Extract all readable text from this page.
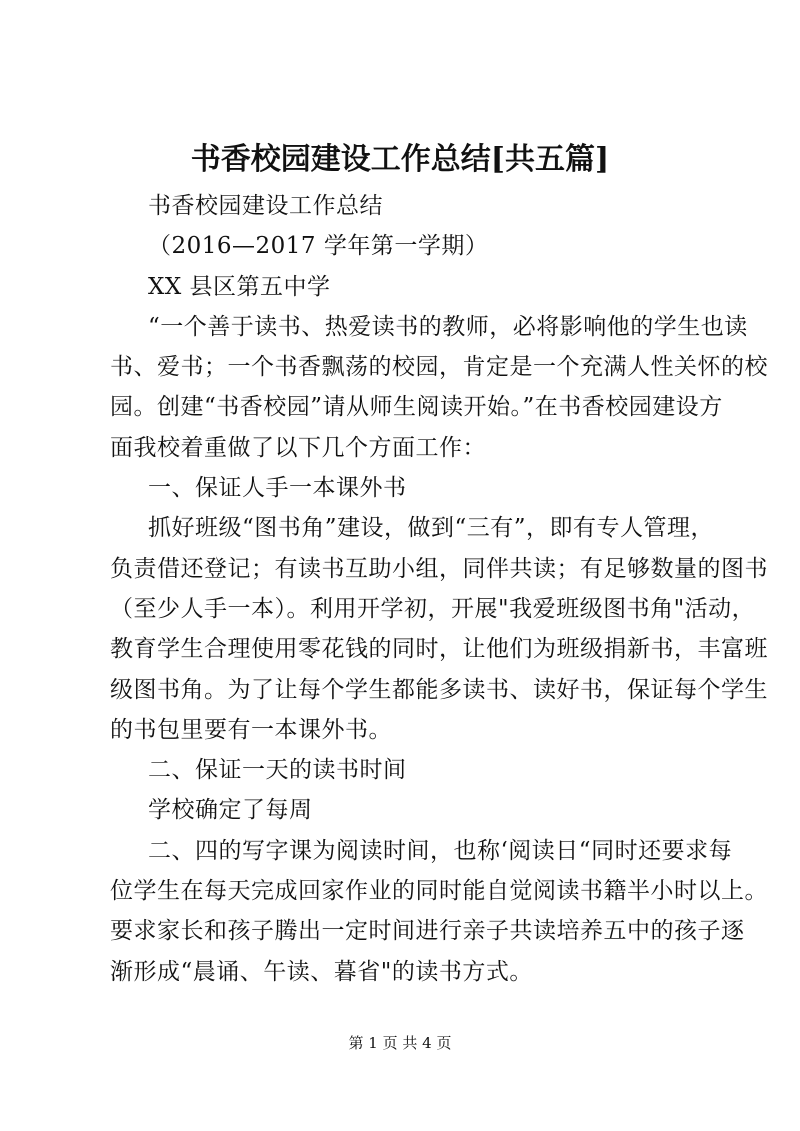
书香校园建设工作总结[共五篇]

书香校园建设工作总结

（2016—2017 学年第一学期）

XX 县区第五中学

“一个善于读书、热爱读书的教师，必将影响他的学生也读

书、爱书；一个书香飘荡的校园，肯定是一个充满人性关怀的校

园。创建“书香校园”请从师生阅读开始。”在书香校园建设方

面我校着重做了以下几个方面工作：

一、保证人手一本课外书

抓好班级“图书角”建设，做到“三有”，即有专人管理，

负责借还登记；有读书互助小组，同伴共读；有足够数量的图书

（至少人手一本）。利用开学初，开展"我爱班级图书角"活动，

教育学生合理使用零花钱的同时，让他们为班级捐新书，丰富班

级图书角。为了让每个学生都能多读书、读好书，保证每个学生

的书包里要有一本课外书。

二、保证一天的读书时间

学校确定了每周

二、四的写字课为阅读时间，也称‘阅读日“同时还要求每

位学生在每天完成回家作业的同时能自觉阅读书籍半小时以上。

要求家长和孩子腾出一定时间进行亲子共读培养五中的孩子逐

渐形成“晨诵、午读、暮省"的读书方式。

第 1 页 共 4 页
